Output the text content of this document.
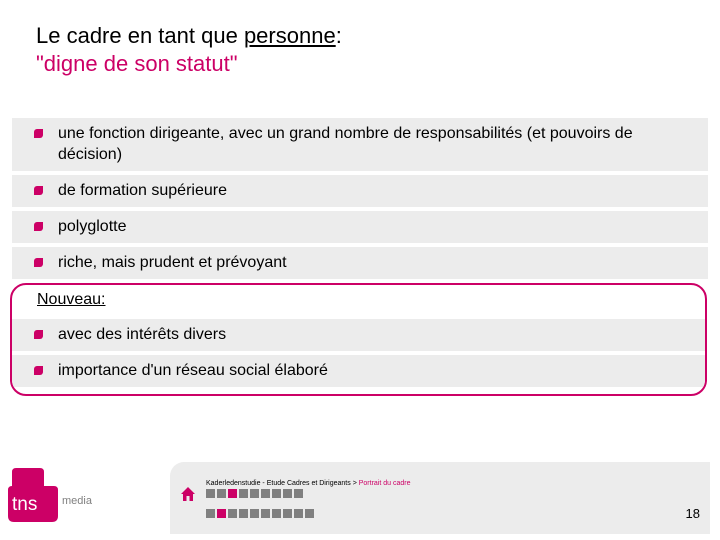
Le cadre en tant que personne:
"digne de son statut"
une fonction dirigeante, avec un grand nombre de responsabilités (et pouvoirs de décision)
de formation supérieure
polyglotte
riche, mais prudent et prévoyant
Nouveau:
avec des intérêts divers
importance d'un réseau social élaboré
tns media
Kaderledenstudie - Etude Cadres et Dirigeants > Portrait du cadre
18
